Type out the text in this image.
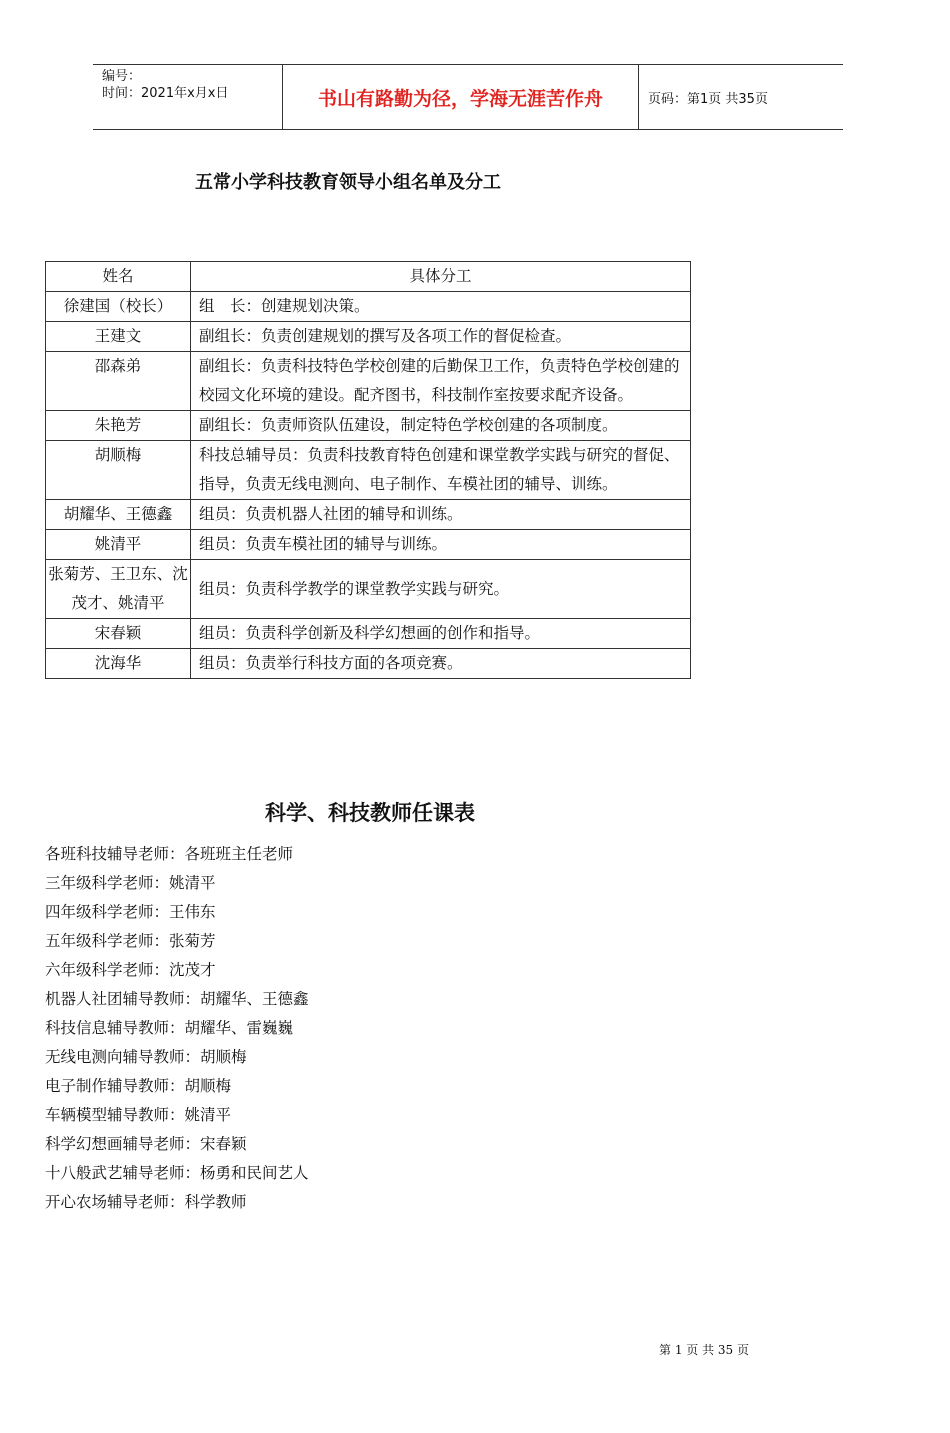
编号：
时间：2021年x月x日	书山有路勤为径，学海无涯苦作舟	页码：第1页 共35页
五常小学科技教育领导小组名单及分工
姓名	具体分工
徐建国（校长）	组　长：创建规划决策。
王建文	副组长：负责创建规划的撰写及各项工作的督促检查。
邵森弟	副组长：负责科技特色学校创建的后勤保卫工作，负责特色学校创建的校园文化环境的建设。配齐图书，科技制作室按要求配齐设备。
朱艳芳	副组长：负责师资队伍建设，制定特色学校创建的各项制度。
胡顺梅	科技总辅导员：负责科技教育特色创建和课堂教学实践与研究的督促、指导，负责无线电测向、电子制作、车模社团的辅导、训练。
胡耀华、王德鑫	组员：负责机器人社团的辅导和训练。
姚清平	组员：负责车模社团的辅导与训练。
张菊芳、王卫东、沈茂才、姚清平	组员：负责科学教学的课堂教学实践与研究。
宋春颖	组员：负责科学创新及科学幻想画的创作和指导。
沈海华	组员：负责举行科技方面的各项竞赛。
科学、科技教师任课表
各班科技辅导老师：各班班主任老师
三年级科学老师：姚清平
四年级科学老师：王伟东
五年级科学老师：张菊芳
六年级科学老师：沈茂才
机器人社团辅导教师：胡耀华、王德鑫
科技信息辅导教师：胡耀华、雷巍巍
无线电测向辅导教师：胡顺梅
电子制作辅导教师：胡顺梅
车辆模型辅导教师：姚清平
科学幻想画辅导老师：宋春颖
十八般武艺辅导老师：杨勇和民间艺人
开心农场辅导老师：科学教师
第 1 页 共 35 页
